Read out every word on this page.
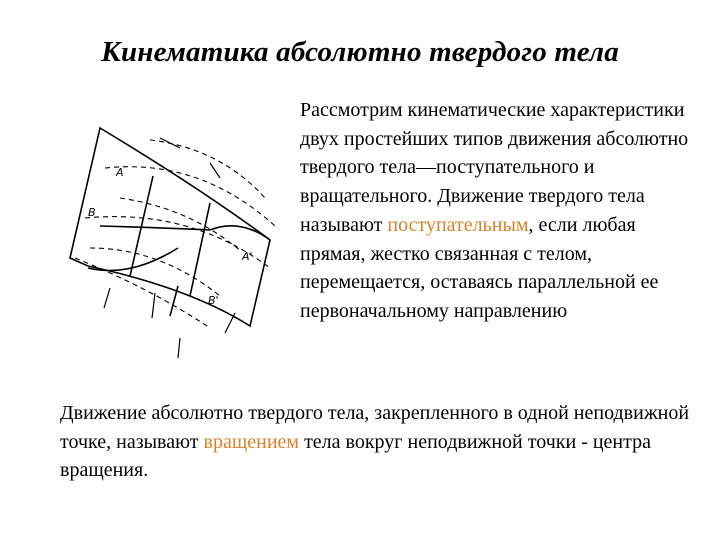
Кинематика абсолютно твердого тела
A
B
A'
B'
Рассмотрим кинематические характеристики двух простейших типов движения абсолютно твердого тела—поступательного и вращательного. Движение твердого тела называют поступательным, если любая прямая, жестко связанная с телом, перемещается, оставаясь параллельной ее первоначальному направлению
Движение абсолютно твердого тела, закрепленного в одной неподвижной точке, называют вращением тела вокруг неподвижной точки - центра вращения.
